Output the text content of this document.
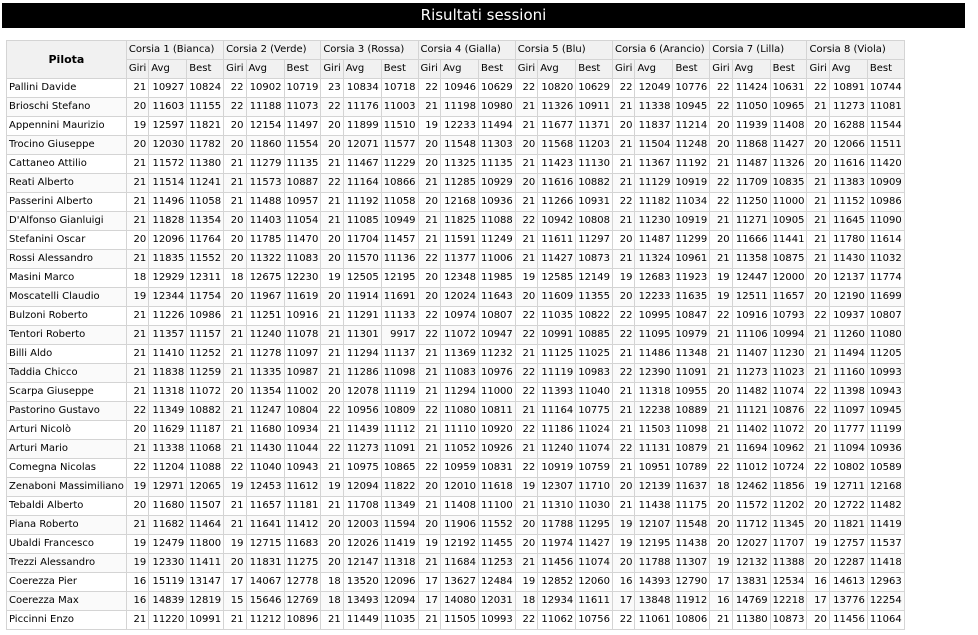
Risultati sessioni
Pilota	Corsia 1 (Bianca)			Corsia 2 (Verde)			Corsia 3 (Rossa)			Corsia 4 (Gialla)			Corsia 5 (Blu)			Corsia 6 (Arancio)			Corsia 7 (Lilla)			Corsia 8 (Viola)		
	Giri	Avg	Best	Giri	Avg	Best	Giri	Avg	Best	Giri	Avg	Best	Giri	Avg	Best	Giri	Avg	Best	Giri	Avg	Best	Giri	Avg	Best
Pallini Davide	21	10927	10824	22	10902	10719	23	10834	10718	22	10946	10629	22	10820	10629	22	12049	10776	22	11424	10631	22	10891	10744
Brioschi Stefano	20	11603	11155	22	11188	11073	22	11176	11003	21	11198	10980	21	11326	10911	21	11338	10945	22	11050	10965	21	11273	11081
Appennini Maurizio	19	12597	11821	20	12154	11497	20	11899	11510	19	12233	11494	21	11677	11371	20	11837	11214	20	11939	11408	20	16288	11544
Trocino Giuseppe	20	12030	11782	20	11860	11554	20	12071	11577	20	11548	11303	20	11568	11203	21	11504	11248	20	11868	11427	20	12066	11511
Cattaneo Attilio	21	11572	11380	21	11279	11135	21	11467	11229	20	11325	11135	21	11423	11130	21	11367	11192	21	11487	11326	20	11616	11420
Reati Alberto	21	11514	11241	21	11573	10887	22	11164	10866	21	11285	10929	20	11616	10882	21	11129	10919	22	11709	10835	21	11383	10909
Passerini Alberto	21	11496	11058	21	11488	10957	21	11192	11058	20	12168	10936	21	11266	10931	22	11182	11034	22	11250	11000	21	11152	10986
D'Alfonso Gianluigi	21	11828	11354	20	11403	11054	21	11085	10949	21	11825	11088	22	10942	10808	21	11230	10919	21	11271	10905	21	11645	11090
Stefanini Oscar	20	12096	11764	20	11785	11470	20	11704	11457	21	11591	11249	21	11611	11297	20	11487	11299	20	11666	11441	21	11780	11614
Rossi Alessandro	21	11835	11552	20	11322	11083	20	11570	11136	22	11377	11006	21	11427	10873	21	11324	10961	21	11358	10875	21	11430	11032
Masini Marco	18	12929	12311	18	12675	12230	19	12505	12195	20	12348	11985	19	12585	12149	19	12683	11923	19	12447	12000	20	12137	11774
Moscatelli Claudio	19	12344	11754	20	11967	11619	20	11914	11691	20	12024	11643	20	11609	11355	20	12233	11635	19	12511	11657	20	12190	11699
Bulzoni Roberto	21	11226	10986	21	11251	10916	21	11291	11133	22	10974	10807	22	11035	10822	22	10995	10847	22	10916	10793	22	10937	10807
Tentori Roberto	21	11357	11157	21	11240	11078	21	11301	9917	22	11072	10947	22	10991	10885	22	11095	10979	21	11106	10994	21	11260	11080
Billi Aldo	21	11410	11252	21	11278	11097	21	11294	11137	21	11369	11232	21	11125	11025	21	11486	11348	21	11407	11230	21	11494	11205
Taddia Chicco	21	11838	11259	21	11335	10987	21	11286	11098	21	11083	10976	22	11119	10983	22	12390	11091	21	11273	11023	21	11160	10993
Scarpa Giuseppe	21	11318	11072	20	11354	11002	20	12078	11119	21	11294	11000	22	11393	11040	21	11318	10955	20	11482	11074	22	11398	10943
Pastorino Gustavo	22	11349	10882	21	11247	10804	22	10956	10809	22	11080	10811	21	11164	10775	21	12238	10889	21	11121	10876	22	11097	10945
Arturi Nicolò	20	11629	11187	21	11680	10934	21	11439	11112	21	11110	10920	22	11186	11024	21	11503	11098	21	11402	11072	20	11777	11199
Arturi Mario	21	11338	11068	21	11430	11044	22	11273	11091	21	11052	10926	21	11240	11074	22	11131	10879	21	11694	10962	21	11094	10936
Comegna Nicolas	22	11204	11088	22	11040	10943	21	10975	10865	22	10959	10831	22	10919	10759	21	10951	10789	22	11012	10724	22	10802	10589
Zenaboni Massimiliano	19	12971	12065	19	12453	11612	19	12094	11822	20	12010	11618	19	12307	11710	20	12139	11637	18	12462	11856	19	12711	12168
Tebaldi Alberto	20	11680	11507	21	11657	11181	21	11708	11349	21	11408	11100	21	11310	11030	21	11438	11175	20	11572	11202	20	12722	11482
Piana Roberto	21	11682	11464	21	11641	11412	20	12003	11594	20	11906	11552	20	11788	11295	19	12107	11548	20	11712	11345	20	11821	11419
Ubaldi Francesco	19	12479	11800	19	12715	11683	20	12026	11419	19	12192	11455	20	11974	11427	19	12195	11438	20	12027	11707	19	12757	11537
Trezzi Alessandro	19	12330	11411	20	11831	11275	20	12147	11318	21	11684	11253	21	11456	11074	20	11788	11307	19	12132	11388	20	12287	11418
Coerezza Pier	16	15119	13147	17	14067	12778	18	13520	12096	17	13627	12484	19	12852	12060	16	14393	12790	17	13831	12534	16	14613	12963
Coerezza Max	16	14839	12819	15	15646	12769	18	13493	12094	17	14080	12031	18	12934	11611	17	13848	11912	16	14769	12218	17	13776	12254
Piccinni Enzo	21	11220	10991	21	11212	10896	21	11449	11035	21	11505	10993	22	11062	10756	22	11061	10806	21	11380	10873	20	11456	11064
